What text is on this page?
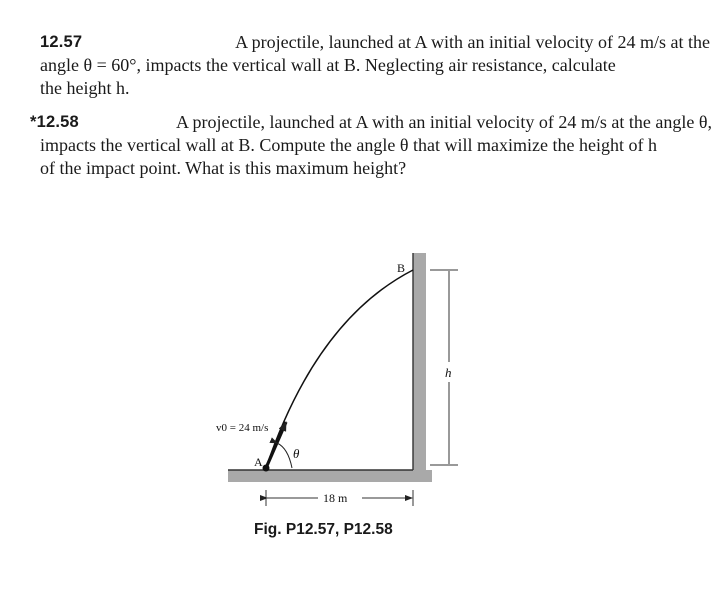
12.57	A projectile, launched at A with an initial velocity of 24 m/s at the
angle θ = 60°, impacts the vertical wall at B. Neglecting air resistance, calculate
the height h.
*12.58	A projectile, launched at A with an initial velocity of 24 m/s at the angle θ,
impacts the vertical wall at B. Compute the angle θ that will maximize the height of h
of the impact point. What is this maximum height?
B
A
h
θ
v0 = 24 m/s
18 m
Fig. P12.57, P12.58
